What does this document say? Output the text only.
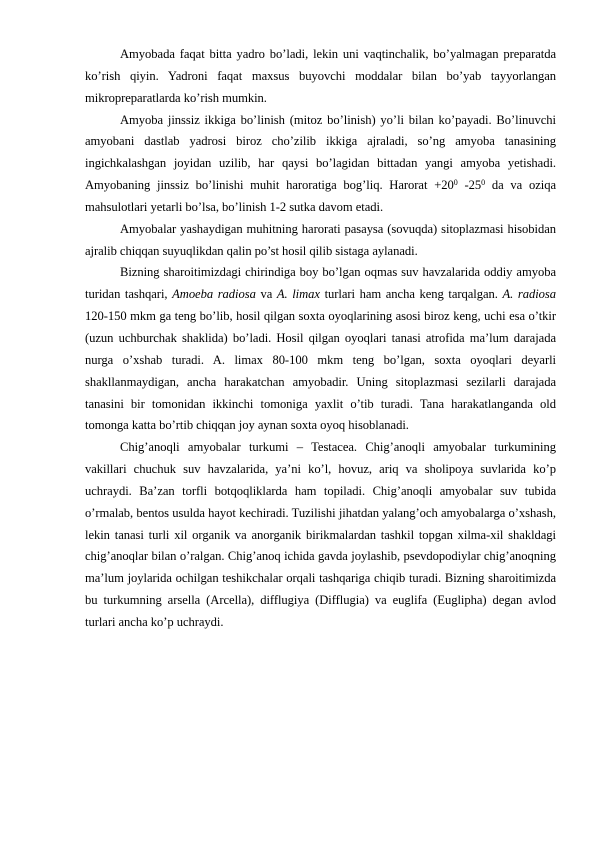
Amyobada faqat bitta yadro bo’ladi, lekin uni vaqtinchalik, bo’yalmagan preparatda ko’rish qiyin. Yadroni faqat maxsus buyovchi moddalar bilan bo’yab tayyorlangan mikropreparatlarda ko’rish mumkin.

Amyoba jinssiz ikkiga bo’linish (mitoz bo’linish) yo’li bilan ko’payadi. Bo’linuvchi amyobani dastlab yadrosi biroz cho’zilib ikkiga ajraladi, so’ng amyoba tanasining ingichkalashgan joyidan uzilib, har qaysi bo’lagidan bittadan yangi amyoba yetishadi. Amyobaning jinssiz bo’linishi muhit haroratiga bog’liq. Harorat $+20^0$ $-25^0$ da va oziqa mahsulotlari yetarli bo’lsa, bo’linish 1-2 sutka davom etadi.

Amyobalar yashaydigan muhitning harorati pasaysa (sovuqda) sitoplazmasi hisobidan ajralib chiqqan suyuqlikdan qalin po’st hosil qilib sistaga aylanadi.

Bizning sharoitimizdagi chirindiga boy bo’lgan oqmas suv havzalarida oddiy amyoba turidan tashqari, Amoeba radiosa va A. limax turlari ham ancha keng tarqalgan. A. radiosa 120-150 mkm ga teng bo’lib, hosil qilgan soxta oyoqlarining asosi biroz keng, uchi esa o’tkir (uzun uchburchak shaklida) bo’ladi. Hosil qilgan oyoqlari tanasi atrofida ma’lum darajada nurga o’xshab turadi. A. limax 80-100 mkm teng bo’lgan, soxta oyoqlari deyarli shakllanmaydigan, ancha harakatchan amyobadir. Uning sitoplazmasi sezilarli darajada tanasini bir tomonidan ikkinchi tomoniga yaxlit o’tib turadi. Tana harakatlanganda old tomonga katta bo’rtib chiqqan joy aynan soxta oyoq hisoblanadi.

Chig’anoqli amyobalar turkumi – Testacea. Chig’anoqli amyobalar turkumining vakillari chuchuk suv havzalarida, ya’ni ko’l, hovuz, ariq va sholipoya suvlarida ko’p uchraydi. Ba’zan torfli botqoqliklarda ham topiladi. Chig’anoqli amyobalar suv tubida o’rmalab, bentos usulda hayot kechiradi. Tuzilishi jihatdan yalang’och amyobalarga o’xshash, lekin tanasi turli xil organik va anorganik birikmalardan tashkil topgan xilma-xil shakldagi chig’anoqlar bilan o’ralgan. Chig’anoq ichida gavda joylashib, psevdopodiylar chig’anoqning ma’lum joylarida ochilgan teshikchalar orqali tashqariga chiqib turadi. Bizning sharoitimizda bu turkumning arsella (Arcella), difflugiya (Difflugia) va euglifa (Euglipha) degan avlod turlari ancha ko’p uchraydi.
